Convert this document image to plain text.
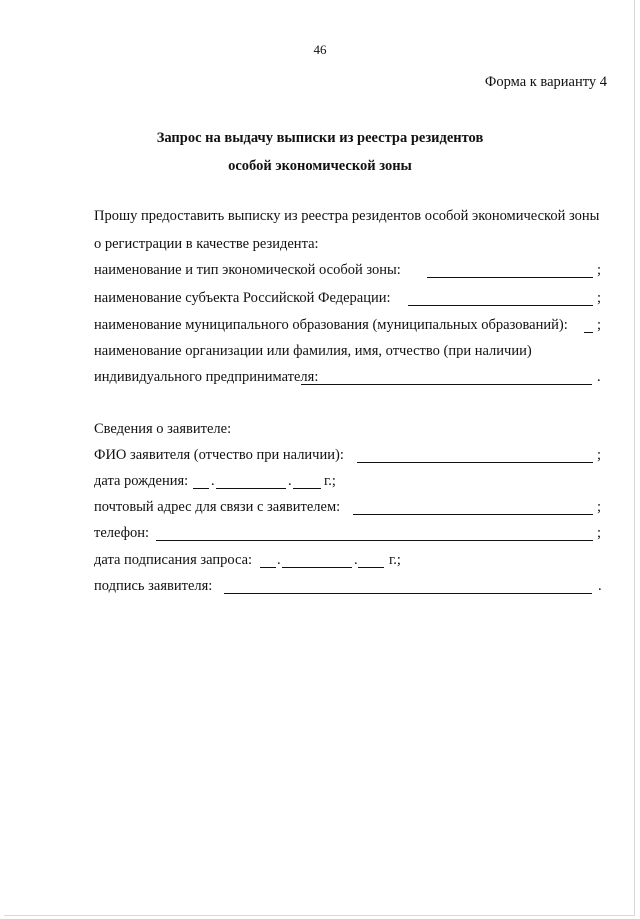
46
Форма к варианту 4
Запрос на выдачу выписки из реестра резидентов
особой экономической зоны
Прошу предоставить выписку из реестра резидентов особой экономической зоны
о регистрации в качестве резидента:
наименование и тип экономической особой зоны:	;
наименование субъекта Российской Федерации:	;
наименование муниципального образования (муниципальных образований): ;
наименование организации или фамилия, имя, отчество (при наличии)
индивидуального предпринимателя:	.
Сведения о заявителе:
ФИО заявителя (отчество при наличии):	;
дата рождения: .	. г.;
почтовый адрес для связи с заявителем:	;
телефон:	;
дата подписания запроса: .	. г.;
подпись заявителя:	.
